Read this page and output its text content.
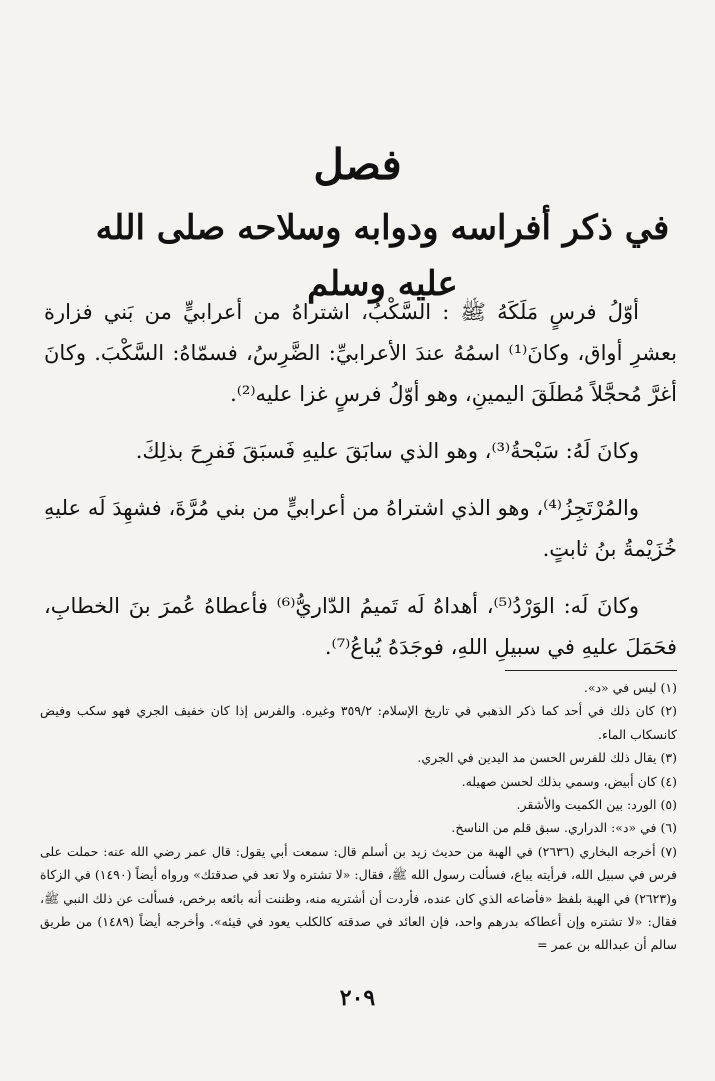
فصل
في ذكر أفراسه ودوابه وسلاحه صلى الله عليه وسلم

أوّلُ فرسٍ مَلَكَهُ ﷺ : السَّكْبُ، اشتراهُ من أعرابيٍّ من بَني فزارة بعشرِ أواق، وكانَ⁽¹⁾ اسمُهُ عندَ الأعرابيِّ: الضَّرِسُ، فسمّاهُ: السَّكْبَ. وكانَ أغرَّ مُحجَّلاً مُطلَقَ اليمينِ، وهو أوّلُ فرسٍ غزا عليه⁽²⁾.

وكانَ لَهُ: سَبْحةُ⁽³⁾، وهو الذي سابَقَ عليهِ فَسبَقَ فَفرِحَ بذلِكَ.

والمُرْتَجِزُ⁽⁴⁾، وهو الذي اشتراهُ من أعرابيٍّ من بني مُرَّةَ، فشهِدَ لَه عليهِ خُزَيْمةُ بنُ ثابتٍ.

وكانَ لَه: الوَرْدُ⁽⁵⁾، أهداهُ لَه تَميمُ الدّاريُّ⁽⁶⁾ فأعطاهُ عُمرَ بنَ الخطابِ، فحَمَلَ عليهِ في سبيلِ اللهِ، فوجَدَهُ يُباعُ⁽⁷⁾.

(١) ليس في «د».

(٢) كان ذلك في أحد كما ذكر الذهبي في تاريخ الإسلام: ٣٥٩/٢ وغيره. والفرس إذا كان خفيف الجري فهو سكب وفيض كانسكاب الماء.

(٣) يقال ذلك للفرس الحسن مد اليدين في الجري.

(٤) كان أبيض، وسمي بذلك لحسن صهيله.

(٥) الورد: بين الكميت والأشقر.

(٦) في «د»: الدراري. سبق قلم من الناسخ.

(٧) أخرجه البخاري (٢٦٣٦) في الهبة من حديث زيد بن أسلم قال: سمعت أبي يقول: قال عمر رضي الله عنه: حملت على فرس في سبيل الله، فرأيته يباع، فسألت رسول الله ﷺ، فقال: «لا تشتره ولا تعد في صدقتك» ورواه أيضاً (١٤٩٠) في الزكاة و(٢٦٢٣) في الهبة بلفظ «فأضاعه الذي كان عنده، فأردت أن أشتريه منه، وظننت أنه بائعه برخص، فسألت عن ذلك النبي ﷺ، فقال: «لا تشتره وإن أعطاكه بدرهم واحد، فإن العائد في صدقته كالكلب يعود في قيئه». وأخرجه أيضاً (١٤٨٩) من طريق سالم أن عبدالله بن عمر =

٢٠٩
